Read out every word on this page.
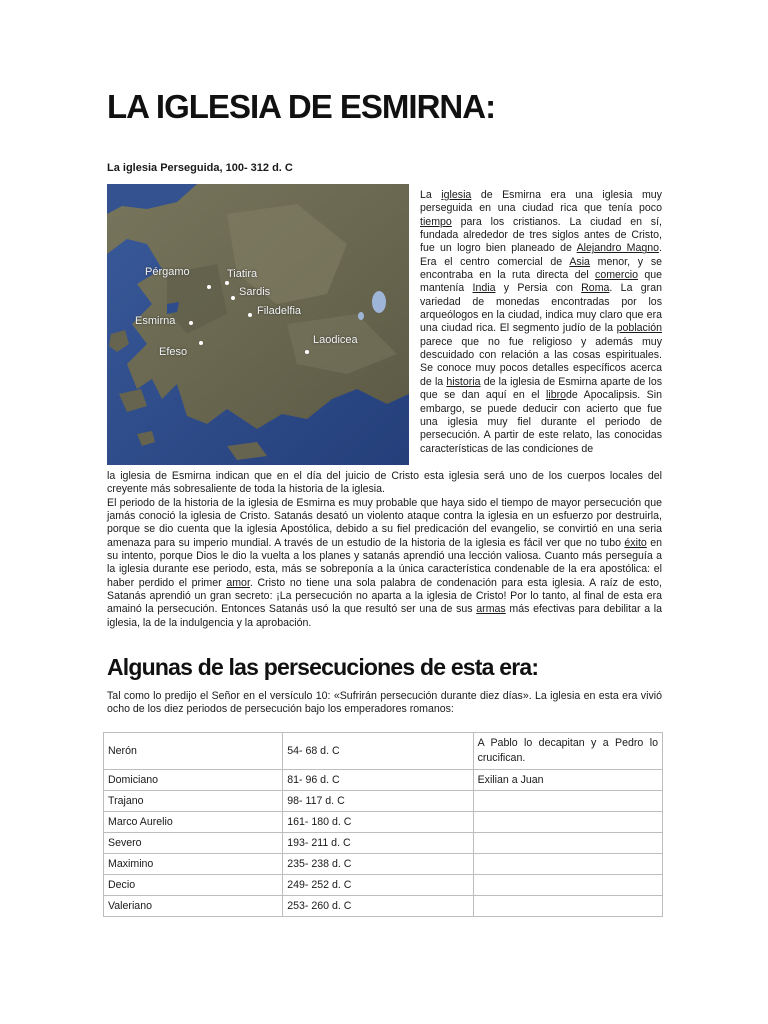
LA IGLESIA DE ESMIRNA:
La iglesia Perseguida, 100- 312 d. C
Pérgamo	Tiatira
Sardis
Filadelfia
Esmirna
Efeso
Laodicea

La iglesia de Esmirna era una iglesia muy perseguida en una ciudad rica que tenía poco tiempo para los cristianos. La ciudad en sí, fundada alrededor de tres siglos antes de Cristo, fue un logro bien planeado de Alejandro Magno. Era el centro comercial de Asia menor, y se encontraba en la ruta directa del comercio que mantenía India y Persia con Roma. La gran variedad de monedas encontradas por los arqueólogos en la ciudad, indica muy claro que era una ciudad rica. El segmento judío de la población parece que no fue religioso y además muy descuidado con relación a las cosas espirituales. Se conoce muy pocos detalles específicos acerca de la historia de la iglesia de Esmirna aparte de los que se dan aquí en el librode Apocalipsis. Sin embargo, se puede deducir con acierto que fue una iglesia muy fiel durante el periodo de persecución. A partir de este relato, las conocidas características de las condiciones de

la iglesia de Esmirna indican que en el día del juicio de Cristo esta iglesia será uno de los cuerpos locales del creyente más sobresaliente de toda la historia de la iglesia.

El periodo de la historia de la iglesia de Esmirna es muy probable que haya sido el tiempo de mayor persecución que jamás conoció la iglesia de Cristo. Satanás desató un violento ataque contra la iglesia en un esfuerzo por destruirla, porque se dio cuenta que la iglesia Apostólica, debido a su fiel predicación del evangelio, se convirtió en una seria amenaza para su imperio mundial. A través de un estudio de la historia de la iglesia es fácil ver que no tubo éxito en su intento, porque Dios le dio la vuelta a los planes y satanás aprendió una lección valiosa. Cuanto más perseguía a la iglesia durante ese periodo, esta, más se sobreponía a la única característica condenable de la era apostólica: el haber perdido el primer amor. Cristo no tiene una sola palabra de condenación para esta iglesia. A raíz de esto, Satanás aprendió un gran secreto: ¡La persecución no aparta a la iglesia de Cristo! Por lo tanto, al final de esta era amainó la persecución. Entonces Satanás usó la que resultó ser una de sus armas más efectivas para debilitar a la iglesia, la de la indulgencia y la aprobación.

Algunas de las persecuciones de esta era:

Tal como lo predijo el Señor en el versículo 10: «Sufrirán persecución durante diez días». La iglesia en esta era vivió ocho de los diez periodos de persecución bajo los emperadores romanos:

Nerón	54- 68 d. C	A Pablo lo decapitan y a Pedro lo crucifican.
Domiciano	81- 96 d. C	Exilian a Juan
Trajano	98- 117 d. C	
Marco Aurelio	161- 180 d. C	
Severo	193- 211 d. C	
Maximino	235- 238 d. C	
Decio	249- 252 d. C	
Valeriano	253- 260 d. C	
